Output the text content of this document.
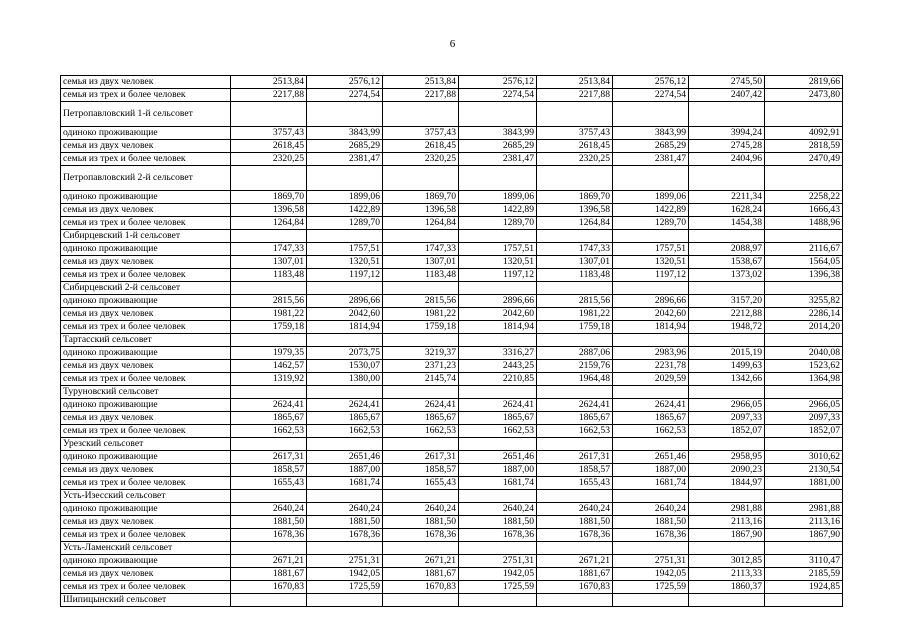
6
семья из двух человек	2513,84	2576,12	2513,84	2576,12	2513,84	2576,12	2745,50	2819,66
семья из трех и более человек	2217,88	2274,54	2217,88	2274,54	2217,88	2274,54	2407,42	2473,80
Петропавловский 1-й сельсовет								
одиноко проживающие	3757,43	3843,99	3757,43	3843,99	3757,43	3843,99	3994,24	4092,91
семья из двух человек	2618,45	2685,29	2618,45	2685,29	2618,45	2685,29	2745,28	2818,59
семья из трех и более человек	2320,25	2381,47	2320,25	2381,47	2320,25	2381,47	2404,96	2470,49
Петропавловский 2-й сельсовет								
одиноко проживающие	1869,70	1899,06	1869,70	1899,06	1869,70	1899,06	2211,34	2258,22
семья из двух человек	1396,58	1422,89	1396,58	1422,89	1396,58	1422,89	1628,24	1666,43
семья из трех и более человек	1264,84	1289,70	1264,84	1289,70	1264,84	1289,70	1454,38	1488,96
Сибирцевский 1-й сельсовет								
одиноко проживающие	1747,33	1757,51	1747,33	1757,51	1747,33	1757,51	2088,97	2116,67
семья из двух человек	1307,01	1320,51	1307,01	1320,51	1307,01	1320,51	1538,67	1564,05
семья из трех и более человек	1183,48	1197,12	1183,48	1197,12	1183,48	1197,12	1373,02	1396,38
Сибирцевский 2-й сельсовет								
одиноко проживающие	2815,56	2896,66	2815,56	2896,66	2815,56	2896,66	3157,20	3255,82
семья из двух человек	1981,22	2042,60	1981,22	2042,60	1981,22	2042,60	2212,88	2286,14
семья из трех и более человек	1759,18	1814,94	1759,18	1814,94	1759,18	1814,94	1948,72	2014,20
Тартасский сельсовет								
одиноко проживающие	1979,35	2073,75	3219,37	3316,27	2887,06	2983,96	2015,19	2040,08
семья из двух человек	1462,57	1530,07	2371,23	2443,25	2159,76	2231,78	1499,63	1523,62
семья из трех и более человек	1319,92	1380,00	2145,74	2210,85	1964,48	2029,59	1342,66	1364,98
Туруновский сельсовет								
одиноко проживающие	2624,41	2624,41	2624,41	2624,41	2624,41	2624,41	2966,05	2966,05
семья из двух человек	1865,67	1865,67	1865,67	1865,67	1865,67	1865,67	2097,33	2097,33
семья из трех и более человек	1662,53	1662,53	1662,53	1662,53	1662,53	1662,53	1852,07	1852,07
Урезский сельсовет								
одиноко проживающие	2617,31	2651,46	2617,31	2651,46	2617,31	2651,46	2958,95	3010,62
семья из двух человек	1858,57	1887,00	1858,57	1887,00	1858,57	1887,00	2090,23	2130,54
семья из трех и более человек	1655,43	1681,74	1655,43	1681,74	1655,43	1681,74	1844,97	1881,00
Усть-Изесский сельсовет								
одиноко проживающие	2640,24	2640,24	2640,24	2640,24	2640,24	2640,24	2981,88	2981,88
семья из двух человек	1881,50	1881,50	1881,50	1881,50	1881,50	1881,50	2113,16	2113,16
семья из трех и более человек	1678,36	1678,36	1678,36	1678,36	1678,36	1678,36	1867,90	1867,90
Усть-Ламенский сельсовет								
одиноко проживающие	2671,21	2751,31	2671,21	2751,31	2671,21	2751,31	3012,85	3110,47
семья из двух человек	1881,67	1942,05	1881,67	1942,05	1881,67	1942,05	2113,33	2185,59
семья из трех и более человек	1670,83	1725,59	1670,83	1725,59	1670,83	1725,59	1860,37	1924,85
Шипицынский сельсовет								
